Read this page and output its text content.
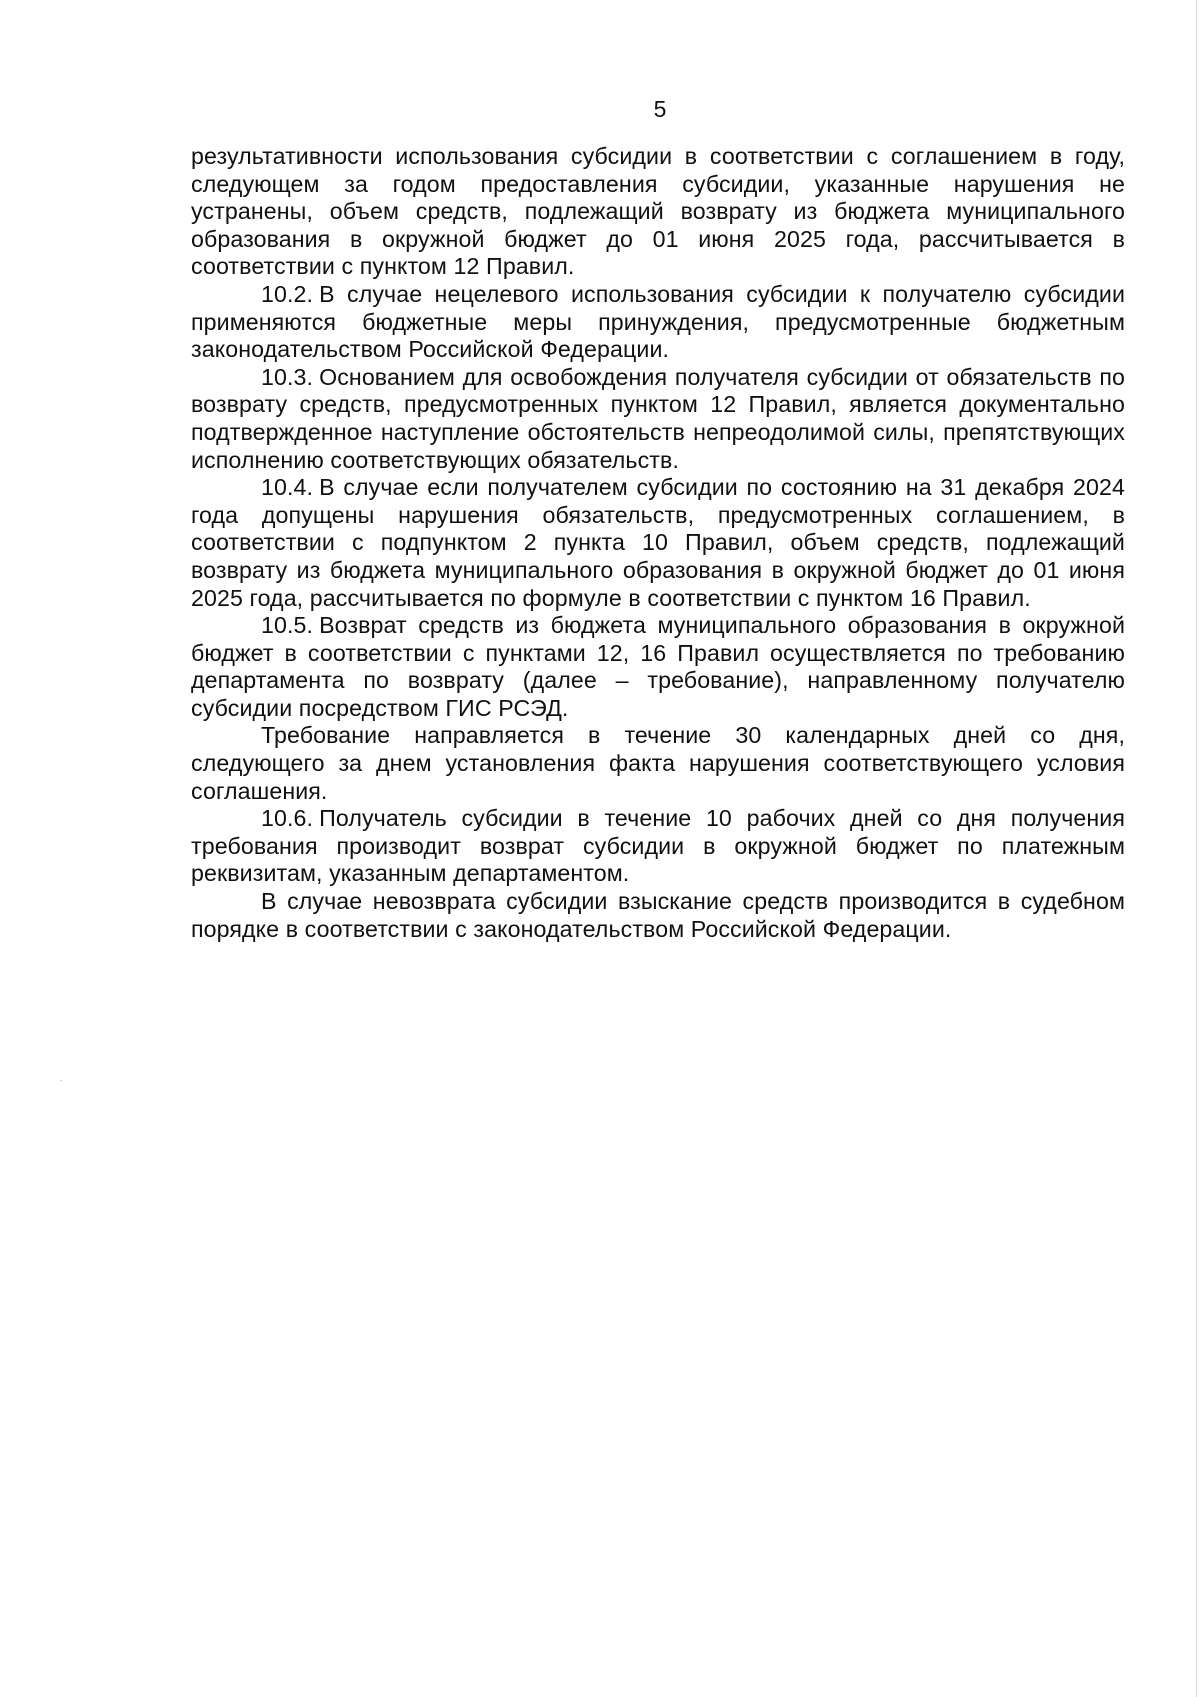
5

результативности использования субсидии в соответствии с соглашением в году, следующем за годом предоставления субсидии, указанные нарушения не устранены, объем средств, подлежащий возврату из бюджета муниципального образования в окружной бюджет до 01 июня 2025 года, рассчитывается в соответствии с пунктом 12 Правил.

10.2. В случае нецелевого использования субсидии к получателю субсидии применяются бюджетные меры принуждения, предусмотренные бюджетным законодательством Российской Федерации.

10.3. Основанием для освобождения получателя субсидии от обязательств по возврату средств, предусмотренных пунктом 12 Правил, является документально подтвержденное наступление обстоятельств непреодолимой силы, препятствующих исполнению соответствующих обязательств.

10.4. В случае если получателем субсидии по состоянию на 31 декабря 2024 года допущены нарушения обязательств, предусмотренных соглашением, в соответствии с подпунктом 2 пункта 10 Правил, объем средств, подлежащий возврату из бюджета муниципального образования в окружной бюджет до 01 июня 2025 года, рассчитывается по формуле в соответствии с пунктом 16 Правил.

10.5. Возврат средств из бюджета муниципального образования в окружной бюджет в соответствии с пунктами 12, 16 Правил осуществляется по требованию департамента по возврату (далее – требование), направленному получателю субсидии посредством ГИС РСЭД.

Требование направляется в течение 30 календарных дней со дня, следующего за днем установления факта нарушения соответствующего условия соглашения.

10.6. Получатель субсидии в течение 10 рабочих дней со дня получения требования производит возврат субсидии в окружной бюджет по платежным реквизитам, указанным департаментом.

В случае невозврата субсидии взыскание средств производится в судебном порядке в соответствии с законодательством Российской Федерации.
